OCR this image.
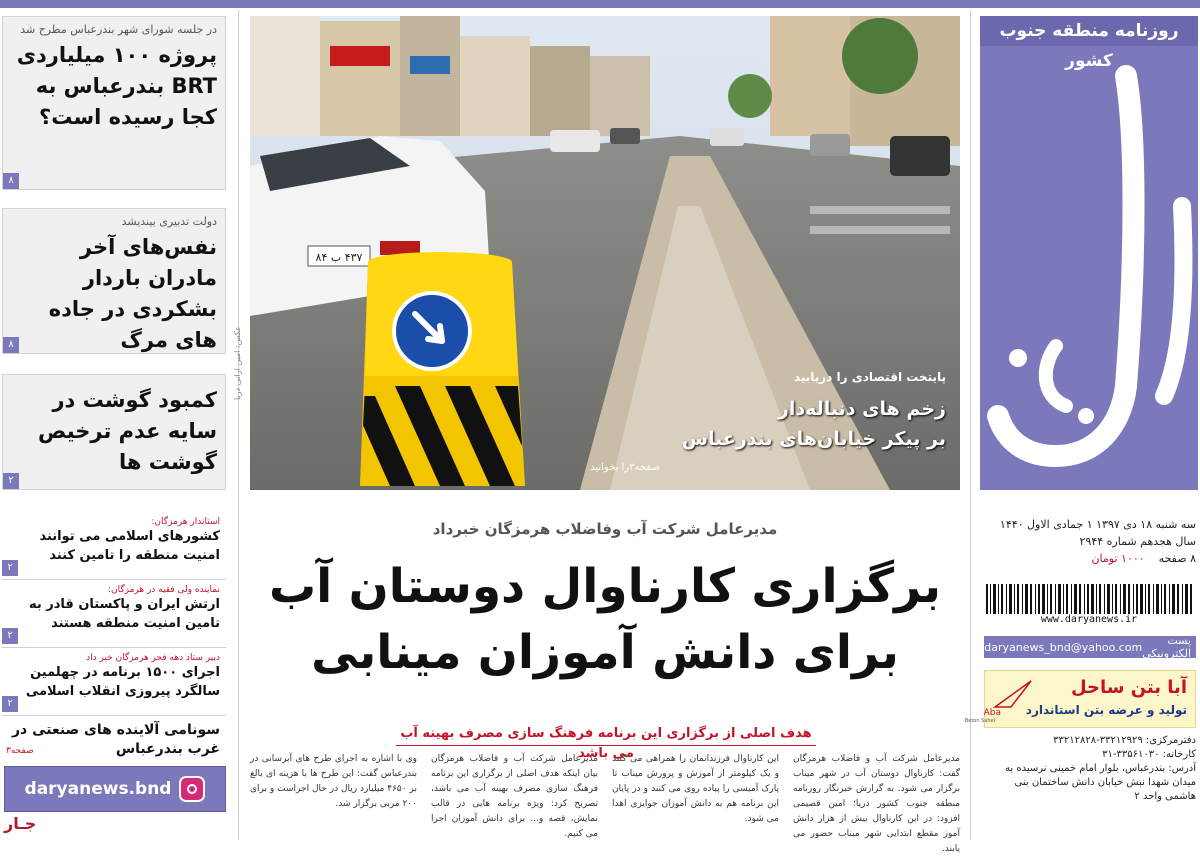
در جلسه شورای شهر بندرعباس مطرح شد
پروژه ۱۰۰ میلیاردی BRT بندرعباس به کجا رسیده است؟
۸
دولت تدبیری بیندیشد
نفس‌های آخر مادران باردار بشکردی در جاده های مرگ
۸
کمبود گوشت در سایه عدم ترخیص گوشت ها
۲
استاندار هرمزگان:
کشورهای اسلامی می توانند امنیت منطقه را تامین کنند
۲
نماینده ولی فقیه در هرمزگان:
ارتش ایران و پاکستان قادر به تامین امنیت منطقه هستند
۲
دبیر ستاد دهه فجر هرمزگان خبر داد
اجرای ۱۵۰۰ برنامه در چهلمین سالگرد پیروزی انقلاب اسلامی
۲
سونامی آلاینده های صنعتی در غرب بندرعباس
صفحه۳
daryanews.bnd
جـار
۴۳۷ ب ۸۴
پایتخت اقتصادی را دریابید
زخم های دنباله‌دار
بر پیکر خیابان‌های بندرعباس
صفحه۳را بخوانید
عکس: امین ارانی دریا
مدیرعامل شرکت آب وفاضلاب هرمزگان خبرداد
برگزاری کارناوال دوستان آب
برای دانش آموزان مینابی
هدف اصلی از برگزاری این برنامه فرهنگ سازی مصرف بهینه آب می باشد	مدیرعامل شرکت آب و فاضلاب هرمزگان گفت: کارناوال دوستان آب در شهر میناب برگزار می شود. به گزارش خبرنگار روزنامه منطقه جنوب کشور دریا؛ امین قصیمی افزود: در این کارناوال بیش از هزار دانش آموز مقطع ابتدایی شهر میناب حضور می یابند.
این کارناوال فرزندانمان را همراهی می کنند و یک کیلومتر از آموزش و پرورش میناب تا پارک آمیسی را پیاده روی می کنند و در پایان این برنامه هم به دانش آموزان جوایزی اهدا می شود.
مدیرعامل شرکت آب و فاضلاب هرمزگان بیان اینکه هدف اصلی از برگزاری این برنامه فرهنگ سازی مصرف بهینه آب می باشد، تصریح کرد: ویژه برنامه هایی در قالب نمایش، قصه و... برای دانش آموزان اجرا می کنیم.
وی با اشاره به اجرای طرح های آبرسانی در بندرعباس گفت: این طرح ها با هزینه ای بالغ بر ۴۶۵۰ میلیارد ریال در حال اجراست و برای ۲۰۰ مربی برگزار شد.
روزنامه منطقه جنوب کشور
دریا
سه شنبه ۱۸ دی ۱۳۹۷ ۱ جمادی الاول ۱۴۴۰
سال هجدهم شماره ۲۹۴۴
۸ صفحه    ۱۰۰۰ تومان
www.daryanews.ir
پست الکترونیکی
daryanews_bnd@yahoo.com
آبا بتن ساحل
تولید و عرضه بتن استاندارد
Aba
Beton Sahel
دفترمرکزی: ۳۳۲۱۲۹۲۹-۳۳۲۱۲۸۲۸
کارخانه: ۳۳۵۶۱۰۳۰-۳۱
آدرس: بندرعباس، بلوار امام خمینی نرسیده به میدان شهدا نبش خیابان دانش ساختمان بنی هاشمی واحد ۲
